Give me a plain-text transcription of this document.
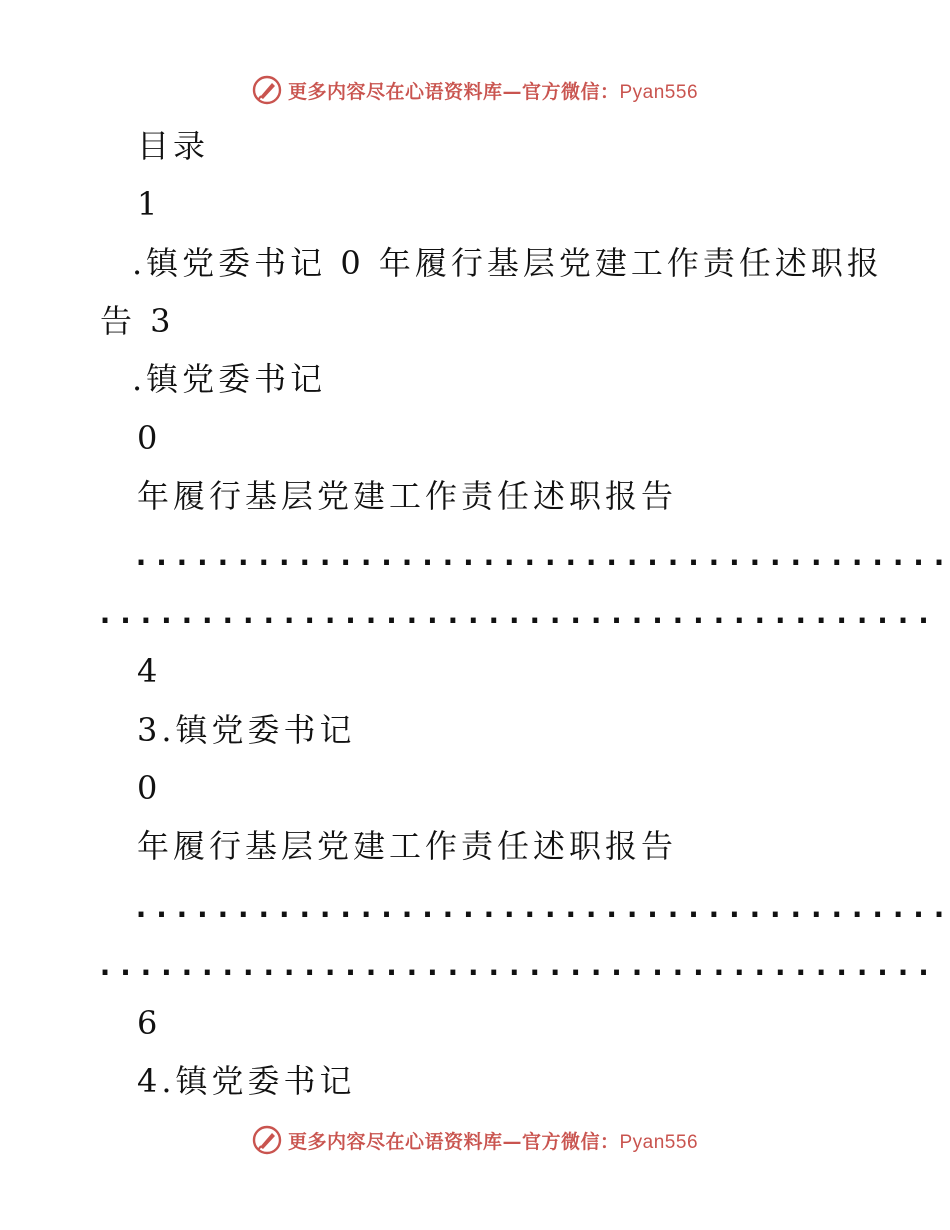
更多内容尽在心语资料库—官方微信：Pyan556
目录
1
.镇党委书记 0 年履行基层党建工作责任述职报
告 3
.镇党委书记
0
年履行基层党建工作责任述职报告
........................................
.........................................
4
3.镇党委书记
0
年履行基层党建工作责任述职报告
........................................
.........................................
6
4.镇党委书记
更多内容尽在心语资料库—官方微信：Pyan556
